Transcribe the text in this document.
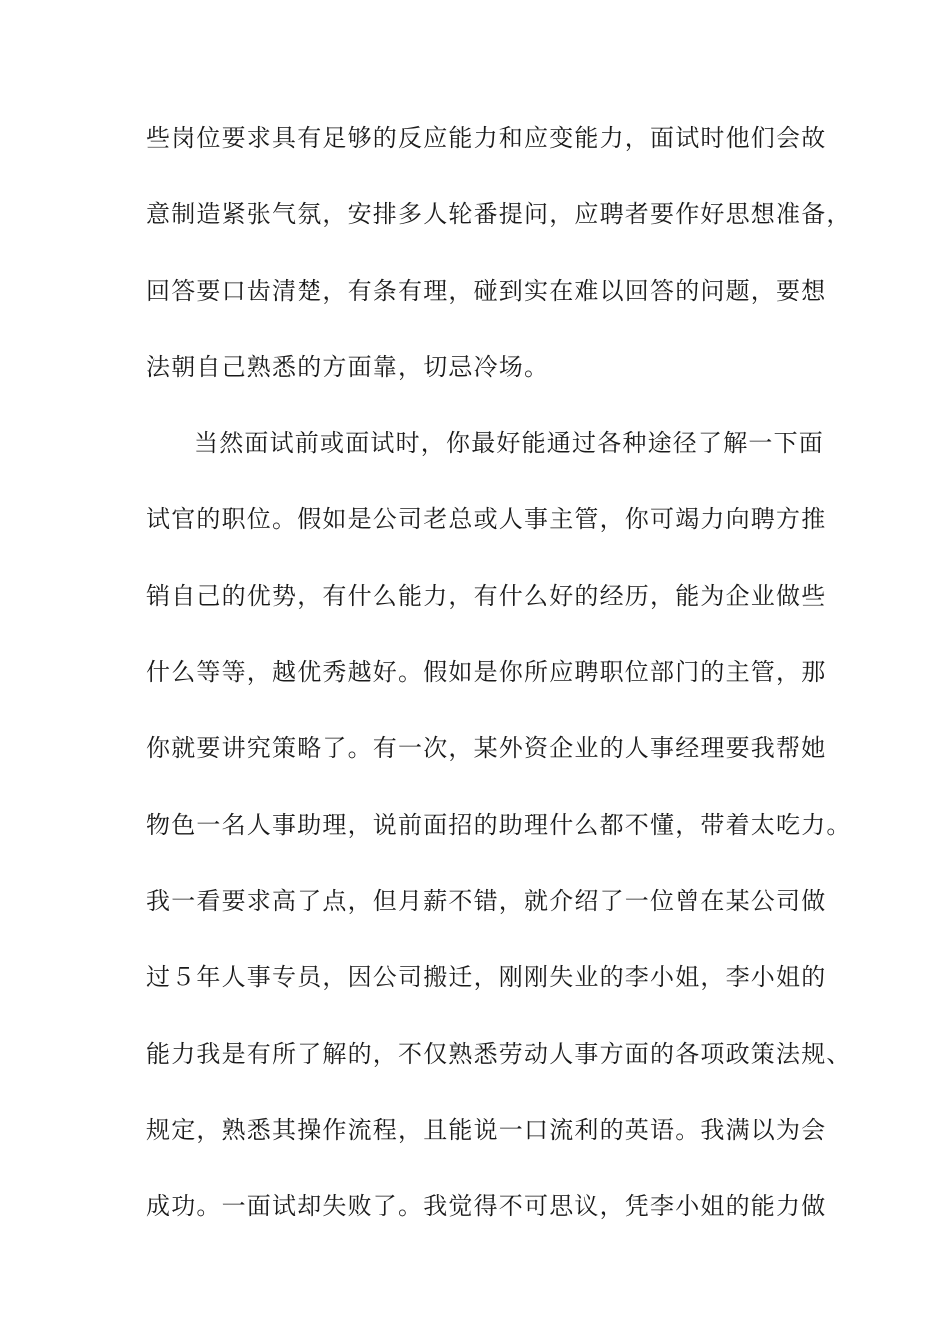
些岗位要求具有足够的反应能力和应变能力，面试时他们会故
意制造紧张气氛，安排多人轮番提问，应聘者要作好思想准备，
回答要口齿清楚，有条有理，碰到实在难以回答的问题，要想
法朝自己熟悉的方面靠，切忌冷场。
当然面试前或面试时，你最好能通过各种途径了解一下面
试官的职位。假如是公司老总或人事主管，你可竭力向聘方推
销自己的优势，有什么能力，有什么好的经历，能为企业做些
什么等等，越优秀越好。假如是你所应聘职位部门的主管，那
你就要讲究策略了。有一次，某外资企业的人事经理要我帮她
物色一名人事助理，说前面招的助理什么都不懂，带着太吃力。
我一看要求高了点，但月薪不错，就介绍了一位曾在某公司做
过５年人事专员，因公司搬迁，刚刚失业的李小姐，李小姐的
能力我是有所了解的，不仅熟悉劳动人事方面的各项政策法规、
规定，熟悉其操作流程，且能说一口流利的英语。我满以为会
成功。一面试却失败了。我觉得不可思议，凭李小姐的能力做
